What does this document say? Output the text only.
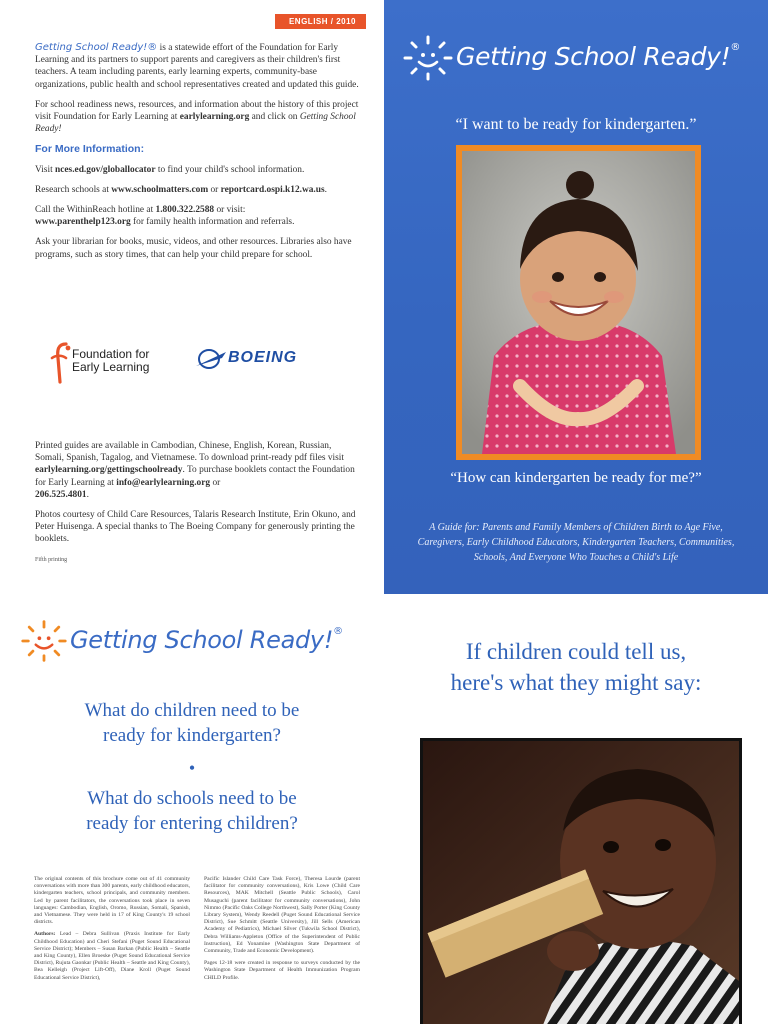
ENGLISH / 2010

Getting School Ready!® is a statewide effort of the Foundation for Early Learning and its partners to support parents and caregivers as their children's first teachers. A team including parents, early learning experts, community-base organizations, public health and school representatives created and updated this guide.

For school readiness news, resources, and information about the history of this project visit Foundation for Early Learning at earlylearning.org and click on Getting School Ready!

For More Information:

Visit nces.ed.gov/globallocator to find your child's school information.

Research schools at www.schoolmatters.com or reportcard.ospi.k12.wa.us.

Call the WithinReach hotline at 1.800.322.2588 or visit:
www.parenthelp123.org for family health information and referrals.

Ask your librarian for books, music, videos, and other resources. Libraries also have programs, such as story times, that can help your child prepare for school.

Foundation for
Early Learning
BOEING

Printed guides are available in Cambodian, Chinese, English, Korean, Russian, Somali, Spanish, Tagalog, and Vietnamese. To download print-ready pdf files visit earlylearning.org/gettingschoolready. To purchase booklets contact the Foundation for Early Learning at info@earlylearning.org or
206.525.4801.

Photos courtesy of Child Care Resources, Talaris Research Institute, Erin Okuno, and Peter Huisenga. A special thanks to The Boeing Company for generously printing the booklets.

Fifth printing
Getting School Ready!®
“I want to be ready for kindergarten.”
“How can kindergarten be ready for me?”
A Guide for: Parents and Family Members of Children Birth to Age Five, Caregivers, Early Childhood Educators, Kindergarten Teachers, Communities, Schools, And Everyone Who Touches a Child's Life
Getting School Ready!®
What do children need to be
ready for kindergarten?
•
What do schools need to be
ready for entering children?

The original contents of this brochure come out of 41 community conversations with more than 300 parents, early childhood educators, kindergarten teachers, school principals, and community members. Led by parent facilitators, the conversations took place in seven languages: Cambodian, English, Oromo, Russian, Somali, Spanish, and Vietnamese. They were held in 17 of King County's 19 school districts.

Authors: Lead – Debra Sullivan (Praxis Institute for Early Childhood Education) and Cheri Stefani (Puget Sound Educational Service District); Members – Susan Barkan (Public Health – Seattle and King County), Ellen Broeske (Puget Sound Educational Service District), Rujuta Gaonkar (Public Health – Seattle and King County), Bea Kelleigh (Project Lift-Off), Diane Kroll (Puget Sound Educational Service District),

Pacific Islander Child Care Task Force), Theresa Lourde (parent facilitator for community conversations), Kris Lowe (Child Care Resources), MAK Mitchell (Seattle Public Schools), Carol Musaguchi (parent facilitator for community conversations), John Nimmo (Pacific Oaks College Northwest), Sally Porter (King County Library System), Wendy Reedell (Puget Sound Educational Service District), Sue Schmitt (Seattle University), Jill Sells (American Academy of Pediatrics), Michael Silver (Tukwila School District), Debra Williams-Appleton (Office of the Superintendent of Public Instruction), Ed Yonamine (Washington State Department of Community, Trade and Economic Development).

Pages 12-18 were created in response to surveys conducted by the Washington State Department of Health Immunization Program CHILD Profile.

If children could tell us,
here's what they might say:
